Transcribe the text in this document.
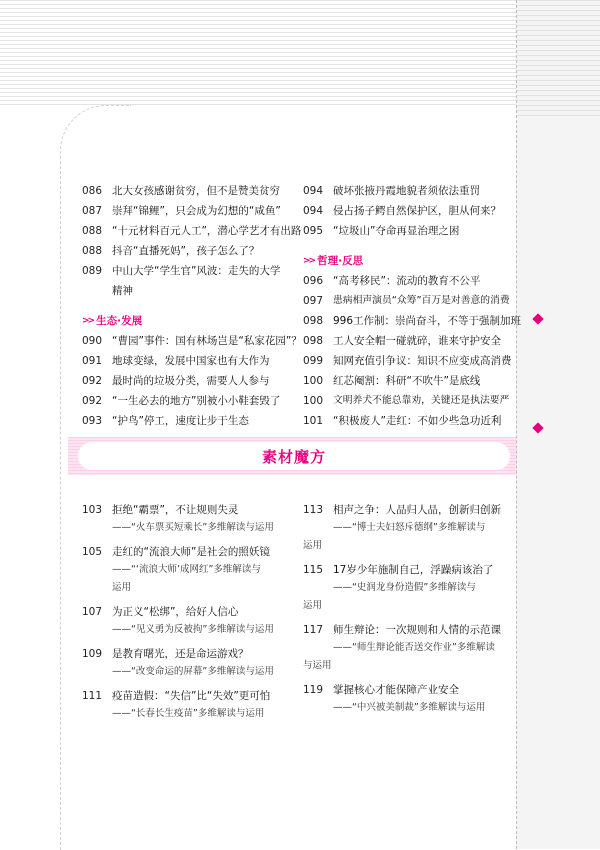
086 北大女孩感谢贫穷，但不是赞美贫穷
087 崇拜“锦鲤”，只会成为幻想的“咸鱼”
088 “十元材料百元人工”，潜心学艺才有出路
088 抖音“直播死妈”，孩子怎么了？
089 中山大学“学生官”风波：走失的大学
精神
>> 生态·发展
090 “曹园”事件：国有林场岂是“私家花园”？
091 地球变绿，发展中国家也有大作为
092 最时尚的垃圾分类，需要人人参与
092 “一生必去的地方”别被小小鞋套毁了
093 “护鸟”停工，速度让步于生态
094 破坏张掖丹霞地貌者须依法重罚
094 侵占扬子鳄自然保护区，胆从何来？
095 “垃圾山”夺命再显治理之困
>> 哲理·反思
096 “高考移民”：流动的教育不公平
097	患病相声演员“众筹”百万是对善意的消费
098 996工作制：崇尚奋斗，不等于强制加班
098 工人安全帽一碰就碎，谁来守护安全
099 知网充值引争议：知识不应变成高消费
100 红芯阉割：科研“不吹牛”是底线
100	文明养犬不能总靠劝，关键还是执法要严
101 “积极废人”走红：不如少些急功近利
素材魔方
103 拒绝“霸票”，不让规则失灵
——“火车票买短乘长”多维解读与运用
105 走红的“流浪大师”是社会的照妖镜
——“‘流浪大师’成网红”多维解读与
运用
107 为正义“松绑”，给好人信心
——“见义勇为反被拘”多维解读与运用
109 是教育曙光，还是命运游戏？
——“改变命运的屏幕”多维解读与运用
111 疫苗造假：“失信”比“失效”更可怕
——“长春长生疫苗”多维解读与运用
113 相声之争：人品归人品，创新归创新
——“博士夫妇怒斥德纲”多维解读与
运用
115 17岁少年施制自己，浮躁病该治了
——“史润龙身份造假”多维解读与
运用
117 师生辩论：一次规则和人情的示范课
——“师生辩论能否送交作业”多维解读
与运用
119 掌握核心才能保障产业安全
——“中兴被美制裁”多维解读与运用
